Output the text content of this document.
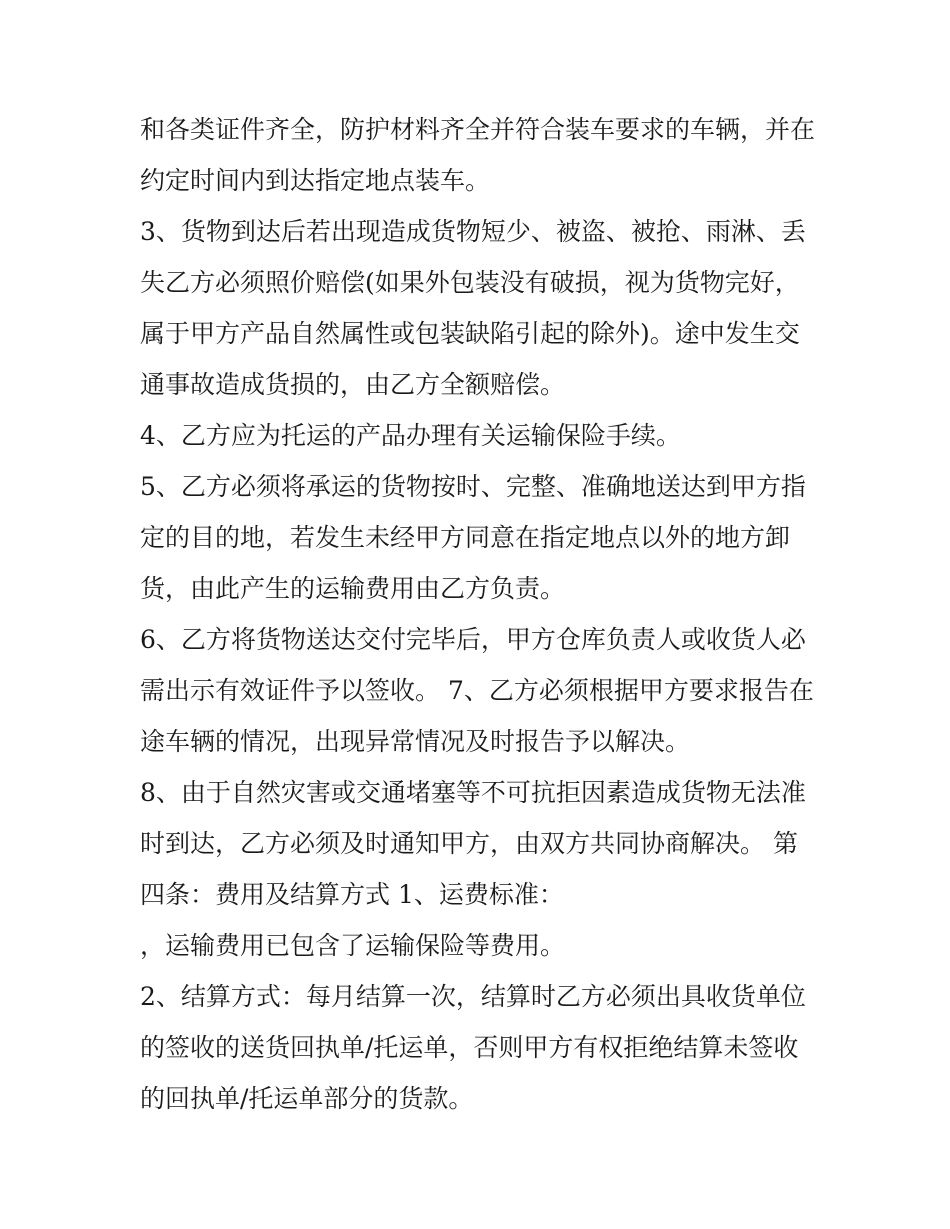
和各类证件齐全，防护材料齐全并符合装车要求的车辆，并在
约定时间内到达指定地点装车。
3、货物到达后若出现造成货物短少、被盗、被抢、雨淋、丢
失乙方必须照价赔偿(如果外包装没有破损，视为货物完好，
属于甲方产品自然属性或包装缺陷引起的除外)。途中发生交
通事故造成货损的，由乙方全额赔偿。
4、乙方应为托运的产品办理有关运输保险手续。
5、乙方必须将承运的货物按时、完整、准确地送达到甲方指
定的目的地，若发生未经甲方同意在指定地点以外的地方卸
货，由此产生的运输费用由乙方负责。
6、乙方将货物送达交付完毕后，甲方仓库负责人或收货人必
需出示有效证件予以签收。 7、乙方必须根据甲方要求报告在
途车辆的情况，出现异常情况及时报告予以解决。
8、由于自然灾害或交通堵塞等不可抗拒因素造成货物无法准
时到达，乙方必须及时通知甲方，由双方共同协商解决。 第
四条：费用及结算方式 1、运费标准：
，运输费用已包含了运输保险等费用。
2、结算方式：每月结算一次，结算时乙方必须出具收货单位
的签收的送货回执单/托运单，否则甲方有权拒绝结算未签收
的回执单/托运单部分的货款。
